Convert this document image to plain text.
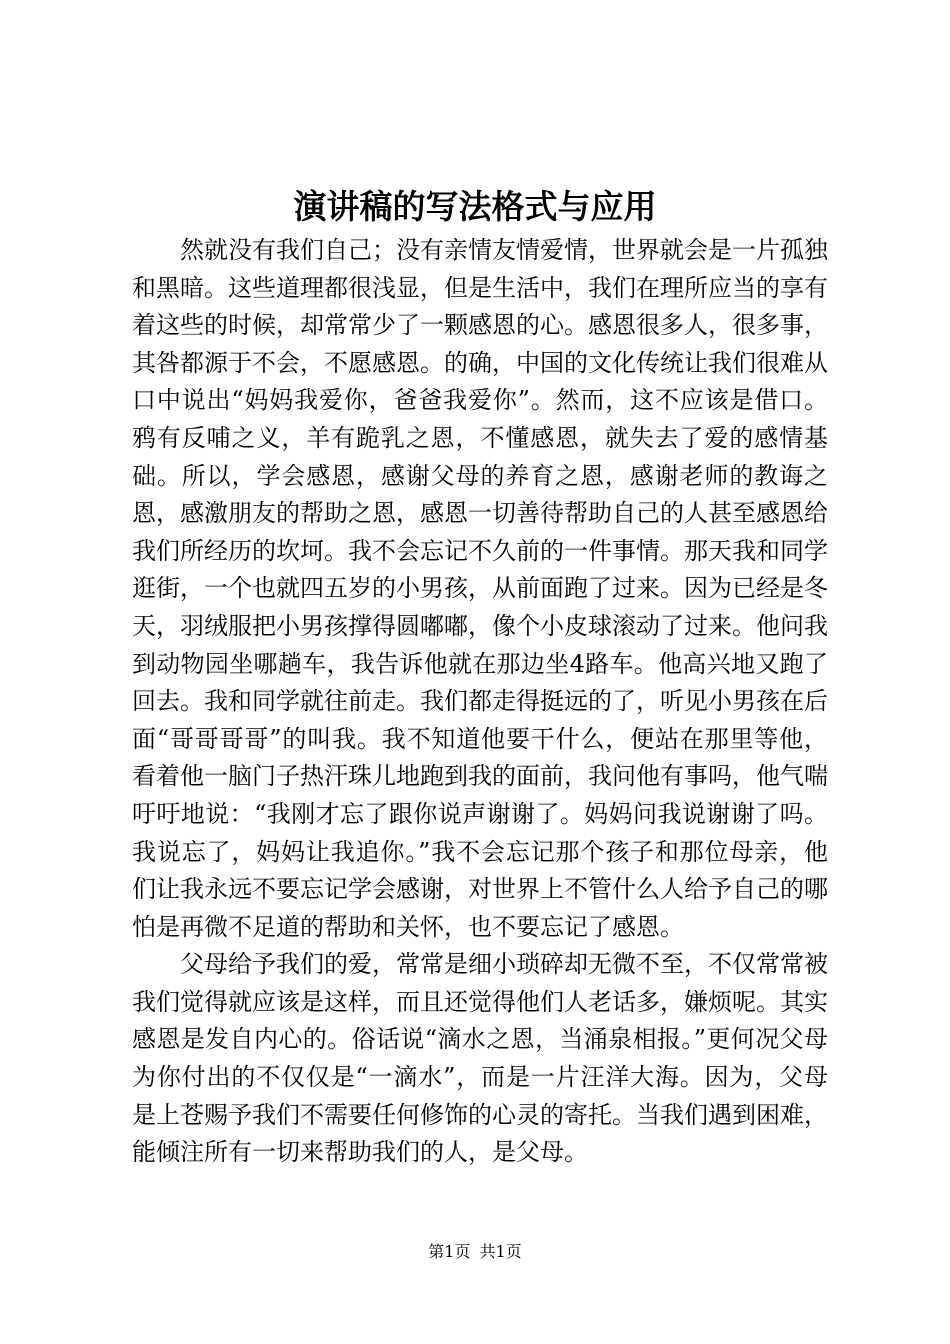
演讲稿的写法格式与应用

然就没有我们自己；没有亲情友情爱情，世界就会是一片孤独和黑暗。这些道理都很浅显，但是生活中，我们在理所应当的享有着这些的时候，却常常少了一颗感恩的心。感恩很多人，很多事，其咎都源于不会，不愿感恩。的确，中国的文化传统让我们很难从口中说出“妈妈我爱你，爸爸我爱你”。然而，这不应该是借口。鸦有反哺之义，羊有跪乳之恩，不懂感恩，就失去了爱的感情基础。所以，学会感恩，感谢父母的养育之恩，感谢老师的教诲之恩，感激朋友的帮助之恩，感恩一切善待帮助自己的人甚至感恩给我们所经历的坎坷。我不会忘记不久前的一件事情。那天我和同学逛街，一个也就四五岁的小男孩，从前面跑了过来。因为已经是冬天，羽绒服把小男孩撑得圆嘟嘟，像个小皮球滚动了过来。他问我到动物园坐哪趟车，我告诉他就在那边坐4路车。他高兴地又跑了回去。我和同学就往前走。我们都走得挺远的了，听见小男孩在后面“哥哥哥哥”的叫我。我不知道他要干什么，便站在那里等他，看着他一脑门子热汗珠儿地跑到我的面前，我问他有事吗，他气喘吁吁地说：“我刚才忘了跟你说声谢谢了。妈妈问我说谢谢了吗。我说忘了，妈妈让我追你。”我不会忘记那个孩子和那位母亲，他们让我永远不要忘记学会感谢，对世界上不管什么人给予自己的哪怕是再微不足道的帮助和关怀，也不要忘记了感恩。

父母给予我们的爱，常常是细小琐碎却无微不至，不仅常常被我们觉得就应该是这样，而且还觉得他们人老话多，嫌烦呢。其实感恩是发自内心的。俗话说“滴水之恩，当涌泉相报。”更何况父母为你付出的不仅仅是“一滴水”，而是一片汪洋大海。因为，父母是上苍赐予我们不需要任何修饰的心灵的寄托。当我们遇到困难，能倾注所有一切来帮助我们的人，是父母。

第1页 共1页
